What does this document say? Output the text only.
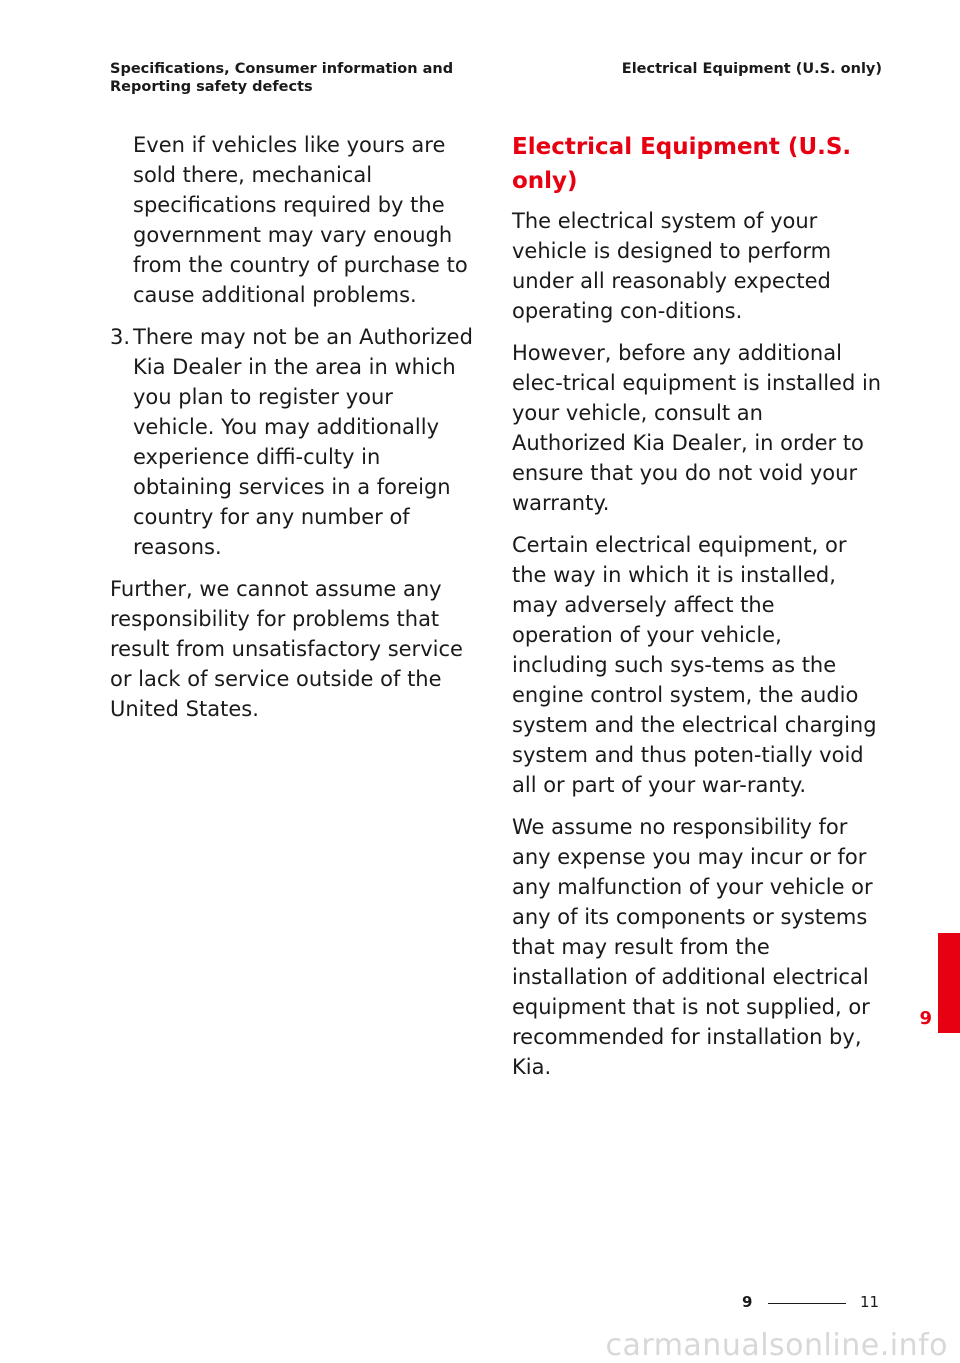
Specifications, Consumer information and
Reporting safety defects
Electrical Equipment (U.S. only)
Even if vehicles like yours are sold there, mechanical specifications required by the government may vary enough from the country of purchase to cause additional problems.
3. There may not be an Authorized Kia Dealer in the area in which you plan to register your vehicle. You may additionally experience diffi-culty in obtaining services in a foreign country for any number of reasons.
Further, we cannot assume any responsibility for problems that result from unsatisfactory service or lack of service outside of the United States.
Electrical Equipment (U.S. only)
The electrical system of your vehicle is designed to perform under all reasonably expected operating con-ditions.
However, before any additional elec-trical equipment is installed in your vehicle, consult an Authorized Kia Dealer, in order to ensure that you do not void your warranty.
Certain electrical equipment, or the way in which it is installed, may adversely affect the operation of your vehicle, including such sys-tems as the engine control system, the audio system and the electrical charging system and thus poten-tially void all or part of your war-ranty.
We assume no responsibility for any expense you may incur or for any malfunction of your vehicle or any of its components or systems that may result from the installation of additional electrical equipment that is not supplied, or recommended for installation by, Kia.
9
9	11
carmanualsonline.info
